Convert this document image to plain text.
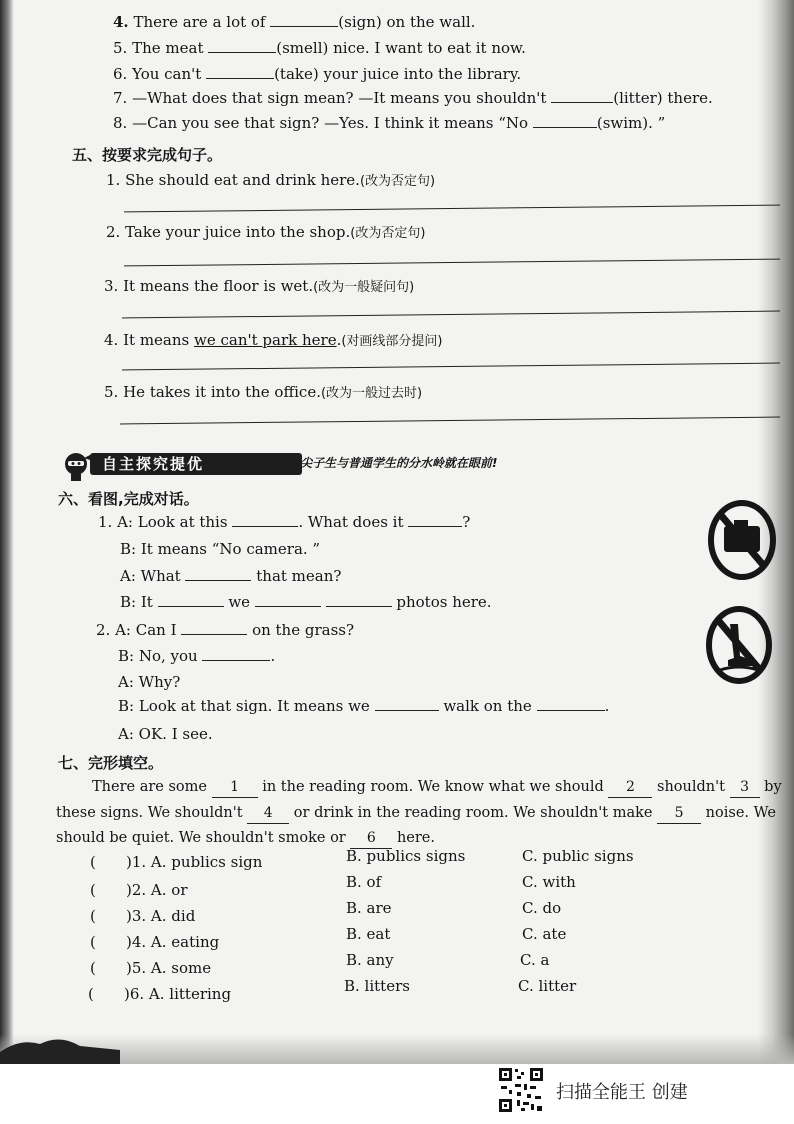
4. There are a lot of	(sign) on the wall.
5. The meat	(smell) nice. I want to eat it now.
6. You can't	(take) your juice into the library.
7. —What does that sign mean? —It means you shouldn't	(litter) there.
8. —Can you see that sign? —Yes. I think it means “No	(swim). ”
五、按要求完成句子。
1. She should eat and drink here.(改为否定句)
2. Take your juice into the shop.(改为否定句)
3. It means the floor is wet.(改为一般疑问句)
4. It means we can't park here.(对画线部分提问)
5. He takes it into the office.(改为一般过去时)
自主探究提优	尖子生与普通学生的分水岭就在眼前!
六、看图,完成对话。
1. A: Look at this	. What does it	?
B: It means “No camera. ”
A: What	that mean?
B: It	we	photos here.
2. A: Can I	on the grass?
B: No, you	.
A: Why?
B: Look at that sign. It means we	walk on the	.
A: OK. I see.
七、完形填空。
There are some 1 in the reading room. We know what we should 2 shouldn't 3 by
these signs. We shouldn't 4 or drink in the reading room. We shouldn't make 5 noise. We
should be quiet. We shouldn't smoke or 6 here.
( )1. A. publics sign	B. publics signs	C. public signs
( )2. A. or	B. of	C. with
( )3. A. did	B. are	C. do
( )4. A. eating	B. eat	C. ate
( )5. A. some	B. any	C. a
( )6. A. littering	B. litters	C. litter
扫描全能王 创建
